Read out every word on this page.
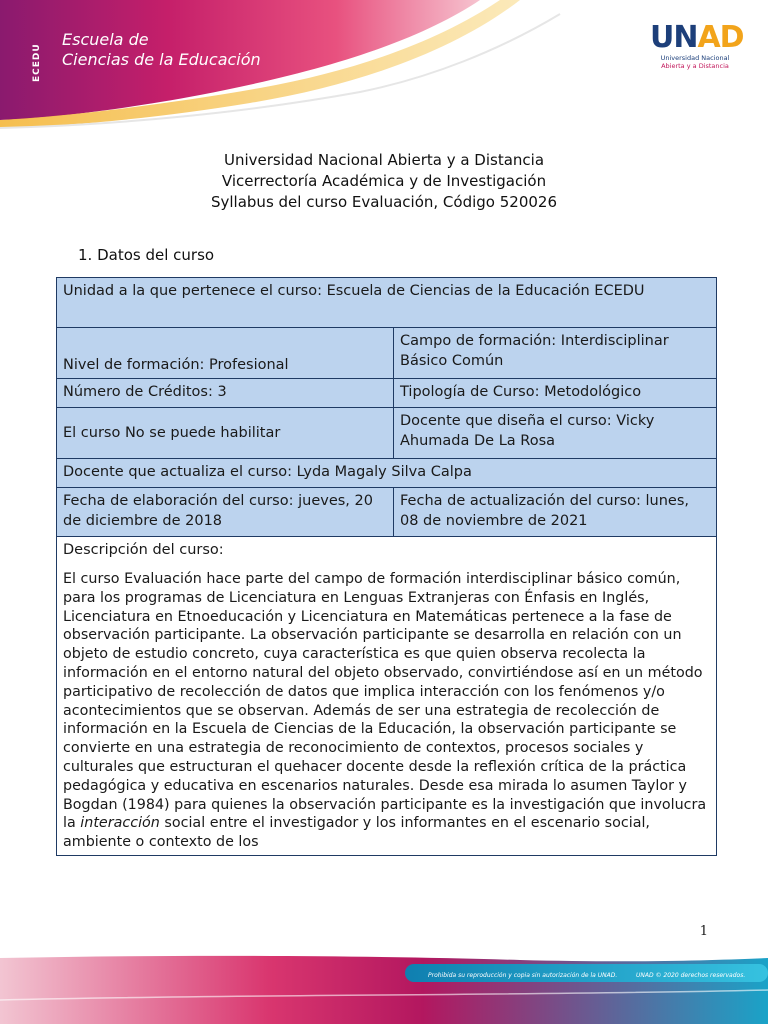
ECEDU
Escuela de
Ciencias de la Educación
UNAD
Universidad Nacional
Abierta y a Distancia
Universidad Nacional Abierta y a Distancia
Vicerrectoría Académica y de Investigación
Syllabus del curso Evaluación, Código 520026
1. Datos del curso
Unidad a la que pertenece el curso: Escuela de Ciencias de la Educación ECEDU	
Nivel de formación: Profesional	Campo de formación: Interdisciplinar Básico Común
Número de Créditos: 3	Tipología de Curso: Metodológico
El curso No se puede habilitar	Docente que diseña el curso: Vicky Ahumada De La Rosa
Docente que actualiza el curso: Lyda Magaly Silva Calpa	
Fecha de elaboración del curso: jueves, 20 de diciembre de 2018	Fecha de actualización del curso: lunes, 08 de noviembre de 2021

Descripción del curso:
El curso Evaluación hace parte del campo de formación interdisciplinar básico común, para los programas de Licenciatura en Lenguas Extranjeras con Énfasis en Inglés, Licenciatura en Etnoeducación y Licenciatura en Matemáticas pertenece a la fase de observación participante. La observación participante se desarrolla en relación con un objeto de estudio concreto, cuya característica es que quien observa recolecta la información en el entorno natural del objeto observado, convirtiéndose así en un método participativo de recolección de datos que implica interacción con los fenómenos y/o acontecimientos que se observan. Además de ser una estrategia de recolección de información en la Escuela de Ciencias de la Educación, la observación participante se convierte en una estrategia de reconocimiento de contextos, procesos sociales y culturales que estructuran el quehacer docente desde la reflexión crítica de la práctica pedagógica y educativa en escenarios naturales. Desde esa mirada lo asumen Taylor y Bogdan (1984) para quienes la observación participante es la investigación que involucra la interacción social entre el investigador y los informantes en el escenario social, ambiente o contexto de los	
1
Prohibida su reproducción y copia sin autorización de la UNAD.	UNAD © 2020 derechos reservados.
